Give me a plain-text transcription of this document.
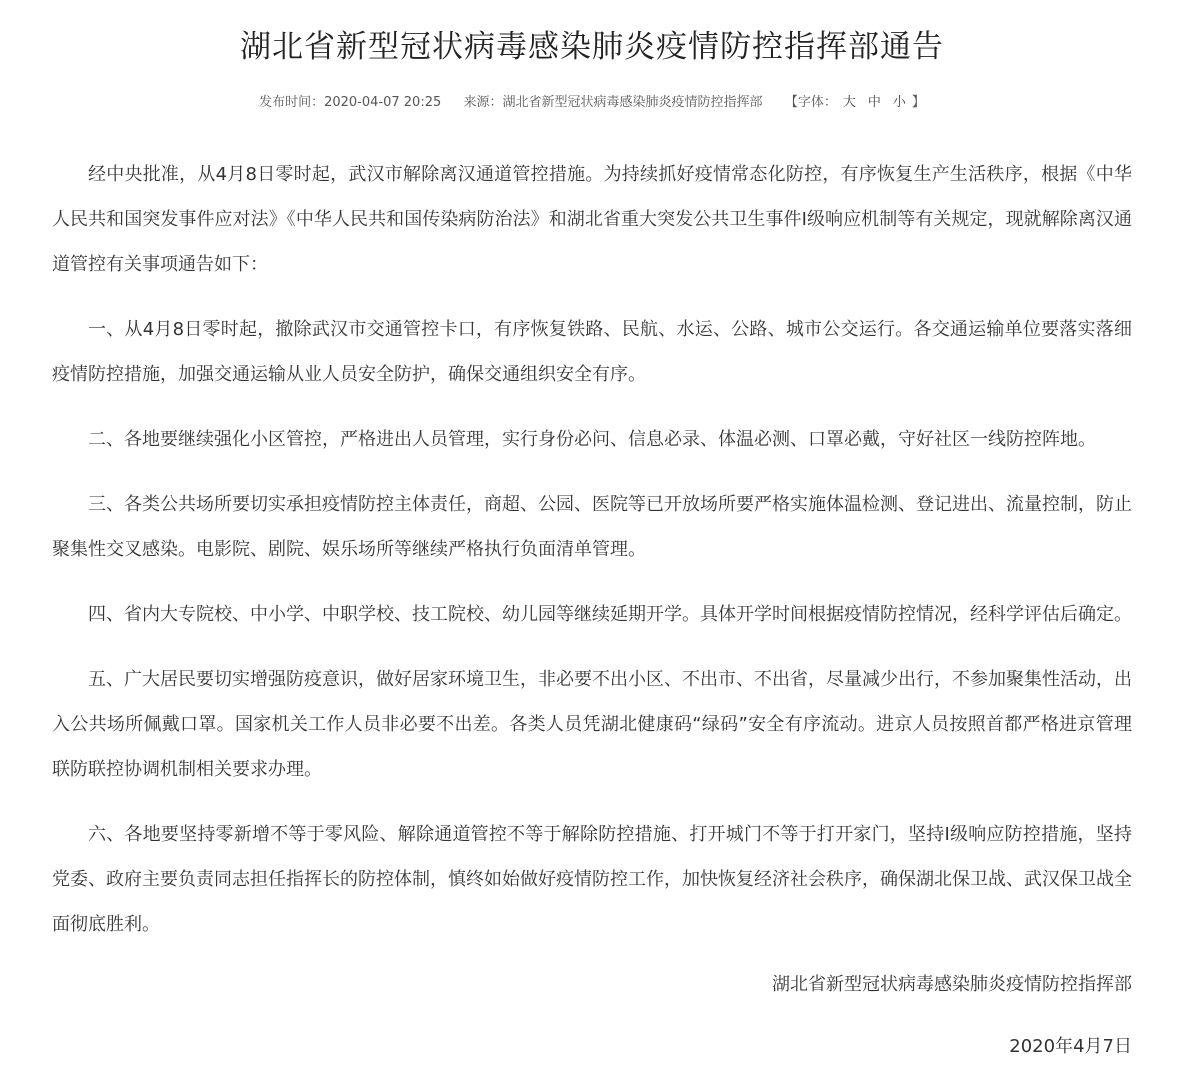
湖北省新型冠状病毒感染肺炎疫情防控指挥部通告
发布时间：2020-04-07 20:25 来源：湖北省新型冠状病毒感染肺炎疫情防控指挥部 【字体： 大 中 小 】

经中央批准，从4月8日零时起，武汉市解除离汉通道管控措施。为持续抓好疫情常态化防控，有序恢复生产生活秩序，根据《中华人民共和国突发事件应对法》《中华人民共和国传染病防治法》和湖北省重大突发公共卫生事件I级响应机制等有关规定，现就解除离汉通道管控有关事项通告如下：

一、从4月8日零时起，撤除武汉市交通管控卡口，有序恢复铁路、民航、水运、公路、城市公交运行。各交通运输单位要落实落细疫情防控措施，加强交通运输从业人员安全防护，确保交通组织安全有序。

二、各地要继续强化小区管控，严格进出人员管理，实行身份必问、信息必录、体温必测、口罩必戴，守好社区一线防控阵地。

三、各类公共场所要切实承担疫情防控主体责任，商超、公园、医院等已开放场所要严格实施体温检测、登记进出、流量控制，防止聚集性交叉感染。电影院、剧院、娱乐场所等继续严格执行负面清单管理。

四、省内大专院校、中小学、中职学校、技工院校、幼儿园等继续延期开学。具体开学时间根据疫情防控情况，经科学评估后确定。

五、广大居民要切实增强防疫意识，做好居家环境卫生，非必要不出小区、不出市、不出省，尽量减少出行，不参加聚集性活动，出入公共场所佩戴口罩。国家机关工作人员非必要不出差。各类人员凭湖北健康码“绿码”安全有序流动。进京人员按照首都严格进京管理联防联控协调机制相关要求办理。

六、各地要坚持零新增不等于零风险、解除通道管控不等于解除防控措施、打开城门不等于打开家门，坚持I级响应防控措施，坚持党委、政府主要负责同志担任指挥长的防控体制，慎终如始做好疫情防控工作，加快恢复经济社会秩序，确保湖北保卫战、武汉保卫战全面彻底胜利。

湖北省新型冠状病毒感染肺炎疫情防控指挥部
2020年4月7日
